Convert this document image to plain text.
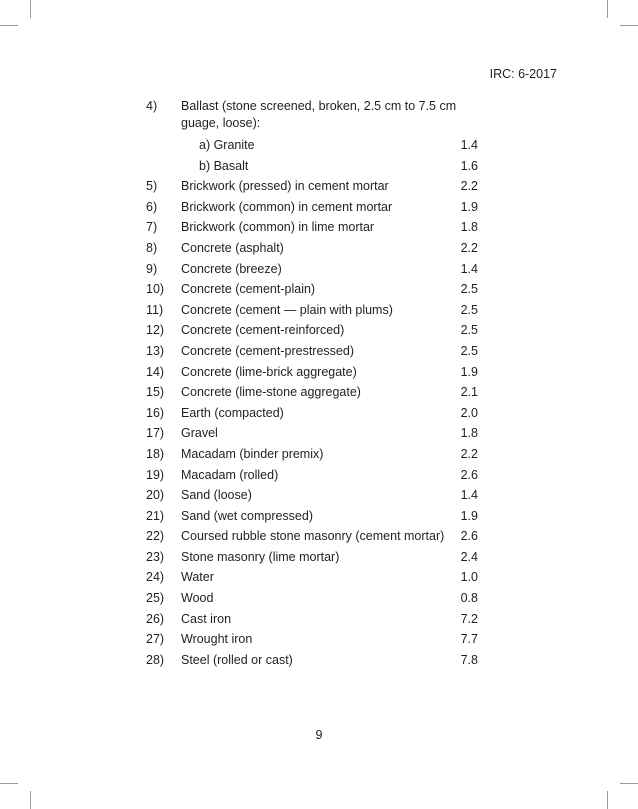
IRC: 6-2017
4) Ballast (stone screened, broken, 2.5 cm to 7.5 cm guage, loose):
a) Granite	1.4
b) Basalt	1.6
5) Brickwork (pressed) in cement mortar	2.2
6) Brickwork (common) in cement mortar	1.9
7) Brickwork (common) in lime mortar	1.8
8) Concrete (asphalt)	2.2
9) Concrete (breeze)	1.4
10) Concrete (cement-plain)	2.5
11) Concrete (cement — plain with plums)	2.5
12) Concrete (cement-reinforced)	2.5
13) Concrete (cement-prestressed)	2.5
14) Concrete (lime-brick aggregate)	1.9
15) Concrete (lime-stone aggregate)	2.1
16) Earth (compacted)	2.0
17) Gravel	1.8
18) Macadam (binder premix)	2.2
19) Macadam (rolled)	2.6
20) Sand (loose)	1.4
21) Sand (wet compressed)	1.9
22) Coursed rubble stone masonry (cement mortar) 2.6
23) Stone masonry (lime mortar)	2.4
24) Water	1.0
25) Wood	0.8
26) Cast iron	7.2
27) Wrought iron	7.7
28) Steel (rolled or cast)	7.8
9
